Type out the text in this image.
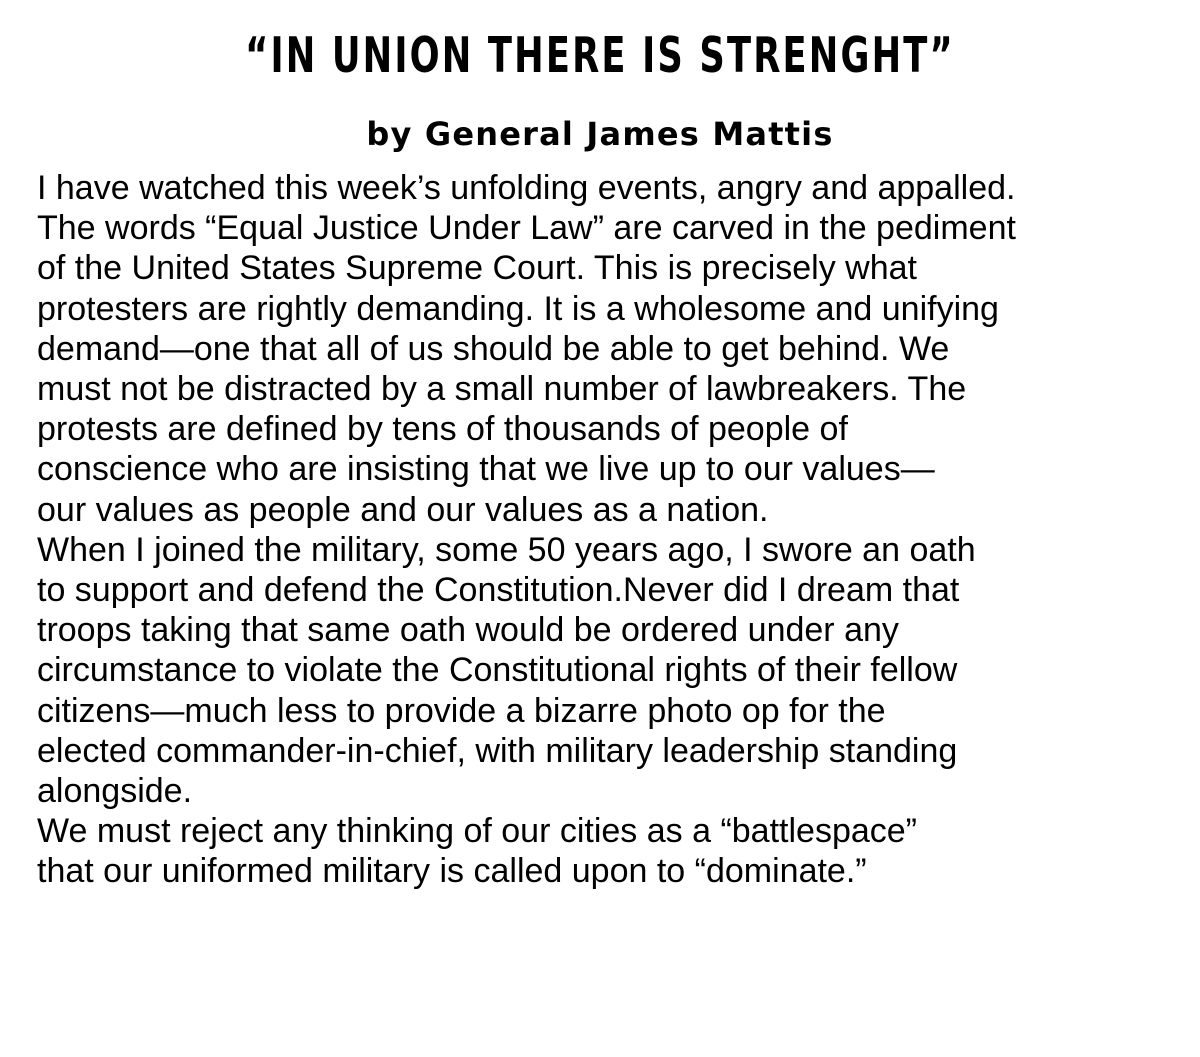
“IN UNION THERE IS STRENGHT”
by General James Mattis
I have watched this week’s unfolding events, angry and appalled.
The words “Equal Justice Under Law” are carved in the pediment
of the United States Supreme Court. This is precisely what
protesters are rightly demanding. It is a wholesome and unifying
demand—one that all of us should be able to get behind. We
must not be distracted by a small number of lawbreakers. The
protests are defined by tens of thousands of people of
conscience who are insisting that we live up to our values—
our values as people and our values as a nation.
When I joined the military, some 50 years ago, I swore an oath
to support and defend the Constitution.Never did I dream that
troops taking that same oath would be ordered under any
circumstance to violate the Constitutional rights of their fellow
citizens—much less to provide a bizarre photo op for the
elected commander-in-chief, with military leadership standing
alongside.
We must reject any thinking of our cities as a “battlespace”
that our uniformed military is called upon to “dominate.”
